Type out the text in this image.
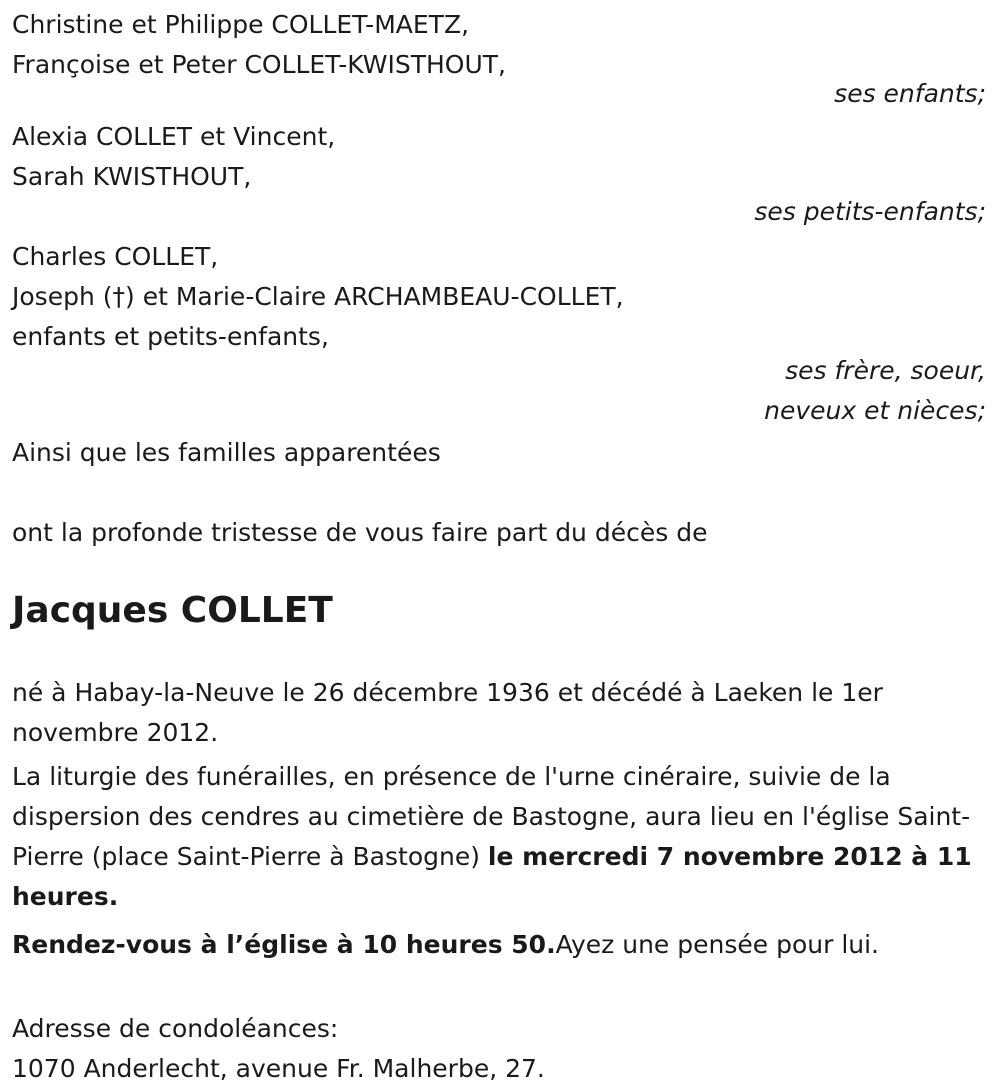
Christine et Philippe COLLET-MAETZ,
Françoise et Peter COLLET-KWISTHOUT,
ses enfants;
Alexia COLLET et Vincent,
Sarah KWISTHOUT,
ses petits-enfants;
Charles COLLET,
Joseph (†) et Marie-Claire ARCHAMBEAU-COLLET,
enfants et petits-enfants,
ses frère, soeur,
neveux et nièces;
Ainsi que les familles apparentées
ont la profonde tristesse de vous faire part du décès de
Jacques COLLET
né à Habay-la-Neuve le 26 décembre 1936 et décédé à Laeken le 1er novembre 2012.
La liturgie des funérailles, en présence de l'urne cinéraire, suivie de la dispersion des cendres au cimetière de Bastogne, aura lieu en l'église Saint-Pierre (place Saint-Pierre à Bastogne) le mercredi 7 novembre 2012 à 11 heures.
Rendez-vous à l’église à 10 heures 50.Ayez une pensée pour lui.
Adresse de condoléances:
1070 Anderlecht, avenue Fr. Malherbe, 27.
